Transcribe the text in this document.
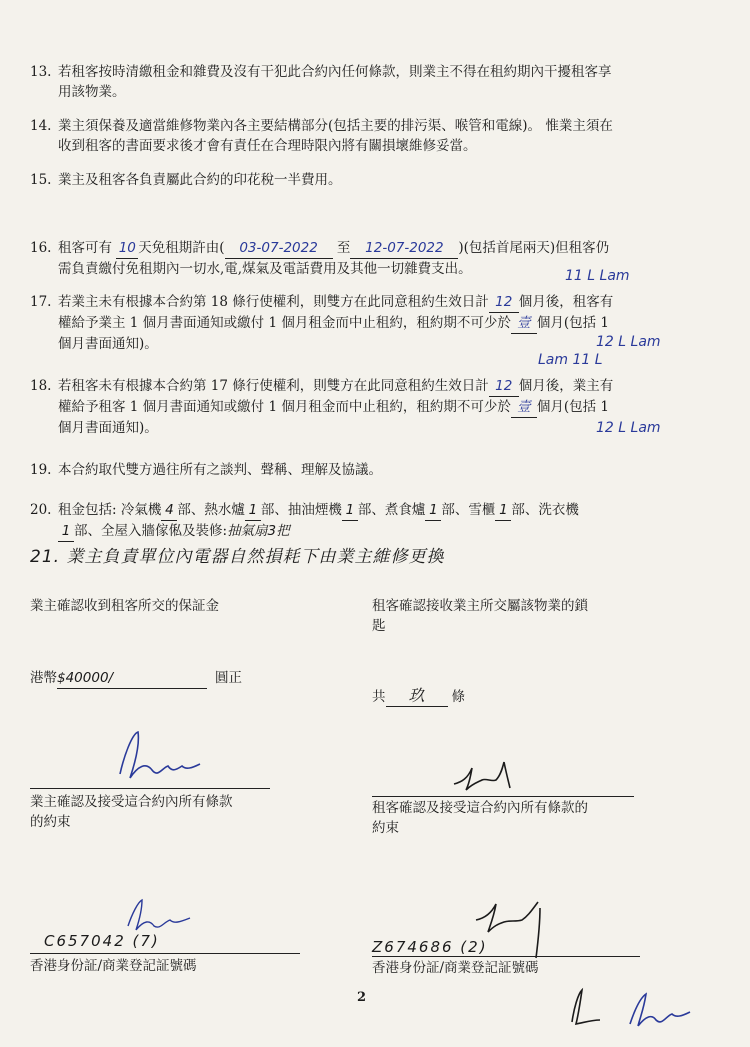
13. 若租客按時清繳租金和雜費及沒有干犯此合約內任何條款，則業主不得在租約期內干擾租客享
用該物業。
14. 業主須保養及適當維修物業內各主要結構部分(包括主要的排污渠、喉管和電線)。 惟業主須在
收到租客的書面要求後才會有責任在合理時限內將有關損壞維修妥當。
15. 業主及租客各負責屬此合約的印花稅一半費用。
16. 租客可有 10 天免租期許由( 03-07-2022 至 12-07-2022 )(包括首尾兩天)但租客仍
需負責繳付免租期內一切水,電,煤氣及電話費用及其他一切雜費支出。	11 L Lam
17. 若業主未有根據本合約第 18 條行使權利，則雙方在此同意租約生效日計 12 個月後，租客有
權給予業主 1 個月書面通知或繳付 1 個月租金而中止租約，租約期不可少於 壹 個月(包括 1
個月書面通知)。	12 L Lam
Lam 11 L
18. 若租客未有根據本合約第 17 條行使權利，則雙方在此同意租約生效日計 12 個月後，業主有
權給予租客 1 個月書面通知或繳付 1 個月租金而中止租約，租約期不可少於 壹 個月(包括 1
個月書面通知)。	12 L Lam
19. 本合約取代雙方過往所有之談判、聲稱、理解及協議。
20. 租金包括: 冷氣機 4 部、熱水爐 1 部、抽油煙機 1 部、煮食爐 1 部、雪櫃 1 部、洗衣機
1 部、全屋入牆傢俬及裝修:抽氣扇3把
21. 業主負責單位內電器自然損耗下由業主維修更換
業主確認收到租客所交的保証金
港幣$40000/	圓正
業主確認及接受這合約內所有條款
的約束
C657042 (7)
香港身份証/商業登記証號碼
租客確認接收業主所交屬該物業的鎖
匙
共 玖 條
租客確認及接受這合約內所有條款的
約束
Z674686 (2)
香港身份証/商業登記証號碼
2
